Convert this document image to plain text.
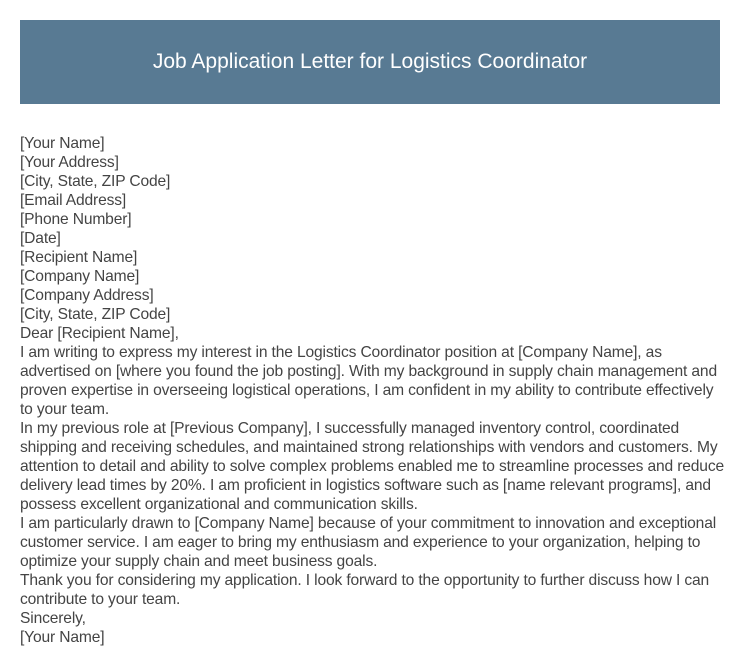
Job Application Letter for Logistics Coordinator

[Your Name]

[Your Address]

[City, State, ZIP Code]

[Email Address]

[Phone Number]

[Date]

[Recipient Name]

[Company Name]

[Company Address]

[City, State, ZIP Code]

Dear [Recipient Name],

I am writing to express my interest in the Logistics Coordinator position at [Company Name], as advertised on [where you found the job posting]. With my background in supply chain management and proven expertise in overseeing logistical operations, I am confident in my ability to contribute effectively to your team.

In my previous role at [Previous Company], I successfully managed inventory control, coordinated shipping and receiving schedules, and maintained strong relationships with vendors and customers. My attention to detail and ability to solve complex problems enabled me to streamline processes and reduce delivery lead times by 20%. I am proficient in logistics software such as [name relevant programs], and possess excellent organizational and communication skills.

I am particularly drawn to [Company Name] because of your commitment to innovation and exceptional customer service. I am eager to bring my enthusiasm and experience to your organization, helping to optimize your supply chain and meet business goals.

Thank you for considering my application. I look forward to the opportunity to further discuss how I can contribute to your team.

Sincerely,

[Your Name]
